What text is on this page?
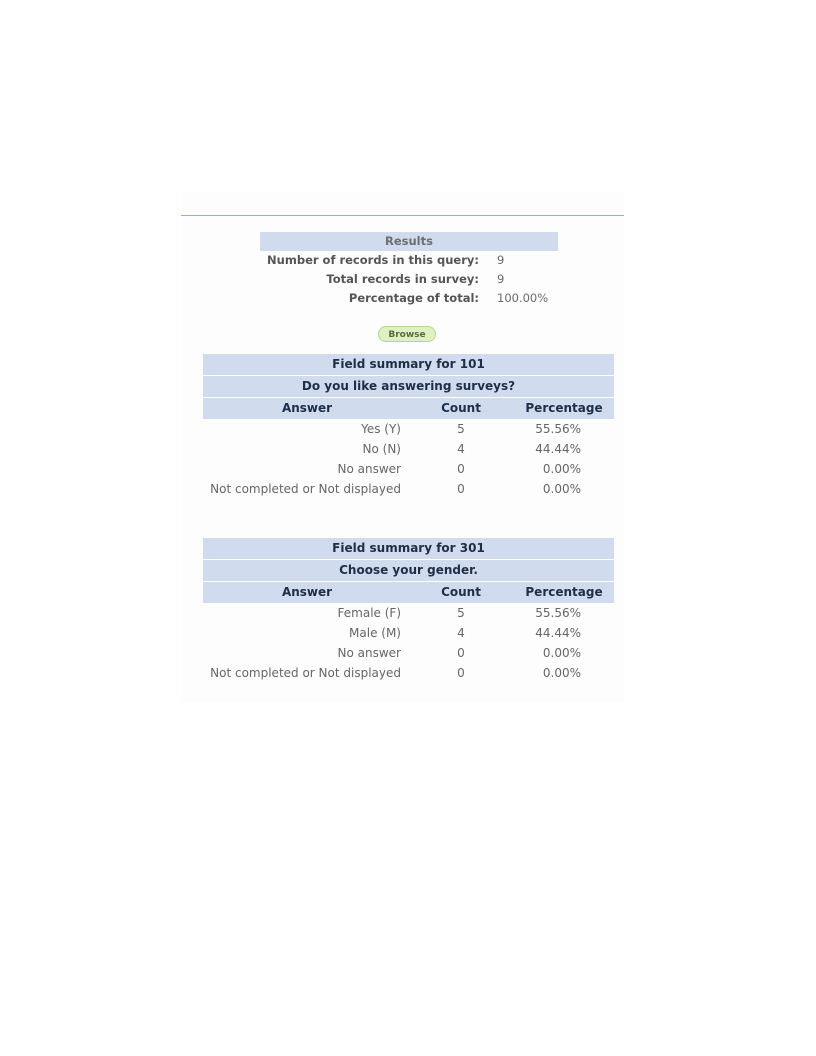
Results
Number of records in this query: 9
Total records in survey: 9
Percentage of total: 100.00%
Browse
Field summary for 101
Do you like answering surveys?
Answer	Count	Percentage
Yes (Y)	5	55.56%
No (N)	4	44.44%
No answer	0	0.00%
Not completed or Not displayed	0	0.00%
Field summary for 301
Choose your gender.
Answer	Count	Percentage
Female (F)	5	55.56%
Male (M)	4	44.44%
No answer	0	0.00%
Not completed or Not displayed	0	0.00%
